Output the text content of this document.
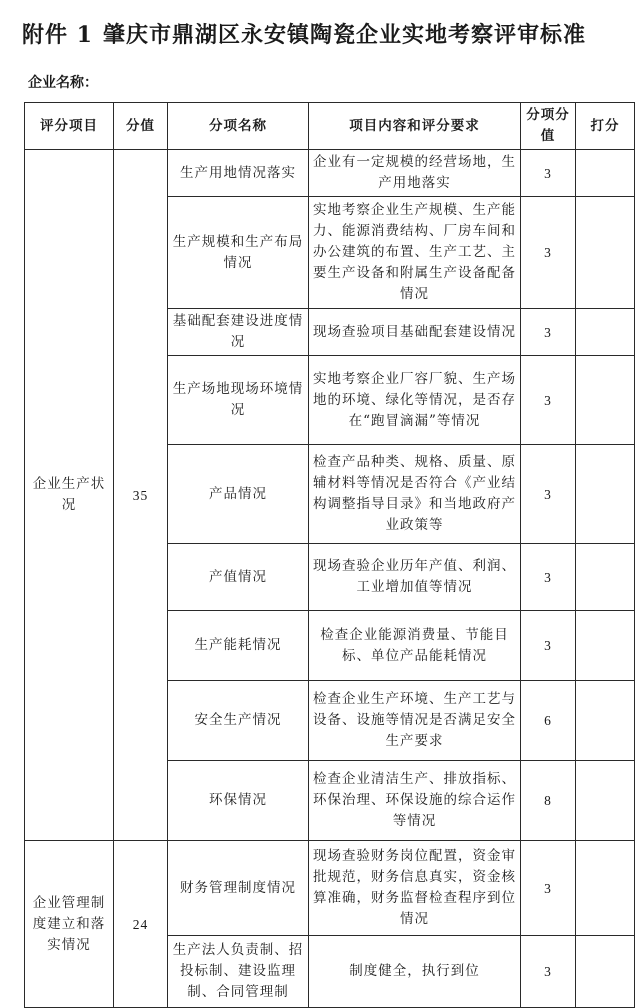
附件 1 肇庆市鼎湖区永安镇陶瓷企业实地考察评审标准
企业名称：
评分项目	分值	分项名称	项目内容和评分要求	分项分值	打分
企业生产状况	35	生产用地情况落实	企业有一定规模的经营场地，生产用地落实	3	
		生产规模和生产布局情况	实地考察企业生产规模、生产能力、能源消费结构、厂房车间和办公建筑的布置、生产工艺、主要生产设备和附属生产设备配备情况	3	
		基础配套建设进度情况	现场查验项目基础配套建设情况	3	
		生产场地现场环境情况	实地考察企业厂容厂貌、生产场地的环境、绿化等情况，是否存在“跑冒滴漏”等情况	3	
		产品情况	检查产品种类、规格、质量、原辅材料等情况是否符合《产业结构调整指导目录》和当地政府产业政策等	3	
		产值情况	现场查验企业历年产值、利润、工业增加值等情况	3	
		生产能耗情况	检查企业能源消费量、节能目标、单位产品能耗情况	3	
		安全生产情况	检查企业生产环境、生产工艺与设备、设施等情况是否满足安全生产要求	6	
		环保情况	检查企业清洁生产、排放指标、环保治理、环保设施的综合运作等情况	8	
企业管理制度建立和落实情况	24	财务管理制度情况	现场查验财务岗位配置，资金审批规范，财务信息真实，资金核算准确，财务监督检查程序到位情况	3	
		生产法人负责制、招投标制、建设监理制、合同管理制	制度健全，执行到位	3	
